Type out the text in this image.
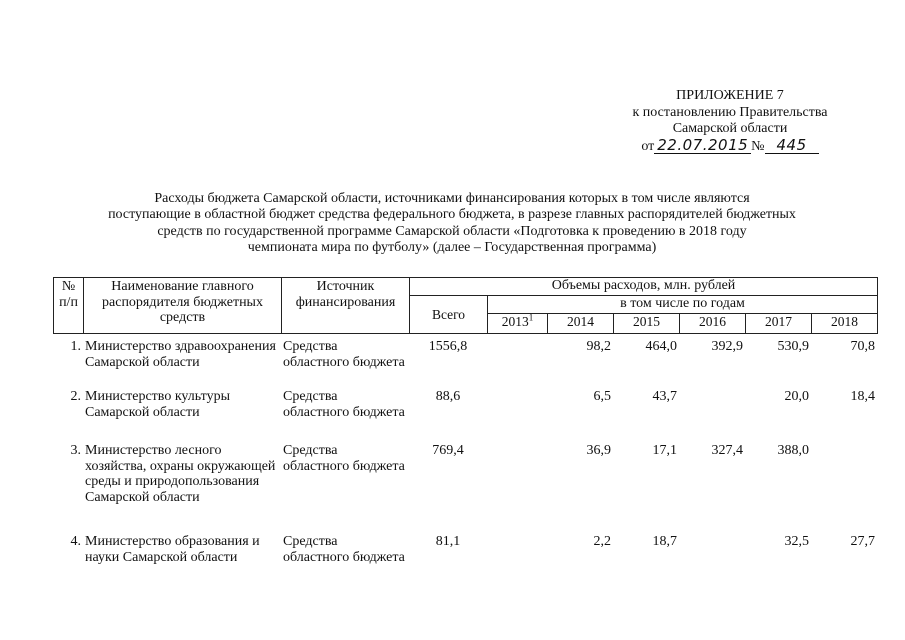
ПРИЛОЖЕНИЕ 7
к постановлению Правительства
Самарской области
от 22.07.2015 № 445
Расходы бюджета Самарской области, источниками финансирования которых в том числе являются
поступающие в областной бюджет средства федерального бюджета, в разрезе главных распорядителей бюджетных
средств по государственной программе Самарской области «Подготовка к проведению в 2018 году
чемпионата мира по футболу» (далее – Государственная программа)
№ п/п	Наименование главного распорядителя бюджетных средств	Источник финансирования	Объемы расходов, млн. рублей						
			Всего	в том числе по годам					
				2013$^1$	2014	2015	2016	2017	2018
1.	Министерство здравоохранения Самарской области	Средства областного бюджета	1556,8		98,2	464,0	392,9	530,9	70,8
2.	Министерство культуры Самарской области	Средства областного бюджета	88,6		6,5	43,7		20,0	18,4
3.	Министерство лесного хозяйства, охраны окружающей среды и природопользования Самарской области	Средства областного бюджета	769,4		36,9	17,1	327,4	388,0	
4.	Министерство образования и науки Самарской области	Средства областного бюджета	81,1		2,2	18,7		32,5	27,7
